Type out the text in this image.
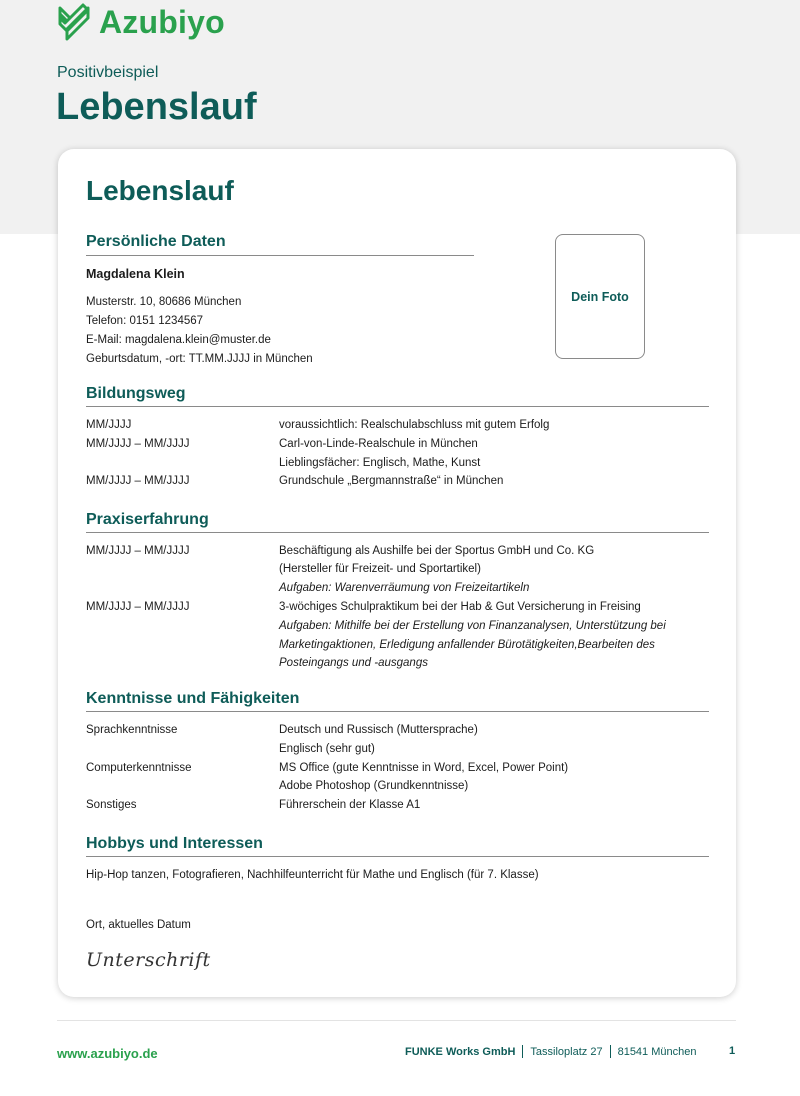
Azubiyo
Positivbeispiel
Lebenslauf
Lebenslauf
Persönliche Daten
Magdalena Klein
Musterstr. 10, 80686 München
Telefon: 0151 1234567
E-Mail: magdalena.klein@muster.de
Geburtsdatum, -ort: TT.MM.JJJJ in München
Dein Foto
Bildungsweg
MM/JJJJ	voraussichtlich: Realschulabschluss mit gutem Erfolg
MM/JJJJ – MM/JJJJ	Carl-von-Linde-Realschule in München
Lieblingsfächer: Englisch, Mathe, Kunst
MM/JJJJ – MM/JJJJ	Grundschule „Bergmannstraße“ in München
Praxiserfahrung
MM/JJJJ – MM/JJJJ	Beschäftigung als Aushilfe bei der Sportus GmbH und Co. KG
(Hersteller für Freizeit- und Sportartikel)
Aufgaben: Warenverräumung von Freizeitartikeln
MM/JJJJ – MM/JJJJ	3-wöchiges Schulpraktikum bei der Hab & Gut Versicherung in Freising
Aufgaben: Mithilfe bei der Erstellung von Finanzanalysen, Unterstützung bei
Marketingaktionen, Erledigung anfallender Bürotätigkeiten,Bearbeiten des
Posteingangs und -ausgangs
Kenntnisse und Fähigkeiten
Sprachkenntnisse	Deutsch und Russisch (Muttersprache)
Englisch (sehr gut)
Computerkenntnisse	MS Office (gute Kenntnisse in Word, Excel, Power Point)
Adobe Photoshop (Grundkenntnisse)
Sonstiges	Führerschein der Klasse A1
Hobbys und Interessen
Hip-Hop tanzen, Fotografieren, Nachhilfeunterricht für Mathe und Englisch (für 7. Klasse)
Ort, aktuelles Datum
Unterschrift
www.azubiyo.de	FUNKE Works GmbH Tassiloplatz 27 81541 München	1
